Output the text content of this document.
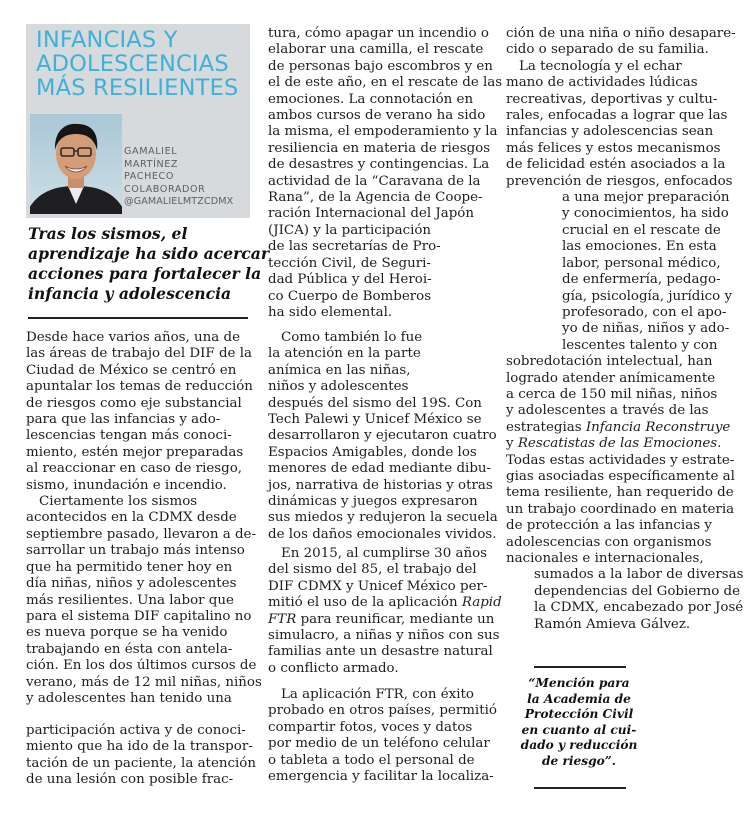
INFANCIAS Y
ADOLESCENCIAS
MÁS RESILIENTES
GAMALIEL
MARTÍNEZ
PACHECO
COLABORADOR
@GAMALIELMTZCDMX
Tras los sismos, el
aprendizaje ha sido acercar
acciones para fortalecer la
infancia y adolescencia
Desde hace varios años, una de
las áreas de trabajo del DIF de la
Ciudad de México se centró en
apuntalar los temas de reducción
de riesgos como eje substancial
para que las infancias y ado-
lescencias tengan más conoci-
miento, estén mejor preparadas
al reaccionar en caso de riesgo,
sismo, inundación e incendio.
Ciertamente los sismos
acontecidos en la CDMX desde
septiembre pasado, llevaron a de-
sarrollar un trabajo más intenso
que ha permitido tener hoy en
día niñas, niños y adolescentes
más resilientes. Una labor que
para el sistema DIF capitalino no
es nueva porque se ha venido
trabajando en ésta con antela-
ción. En los dos últimos cursos de
verano, más de 12 mil niñas, niños
y adolescentes han tenido una
participación activa y de conoci-
miento que ha ido de la transpor-
tación de un paciente, la atención
de una lesión con posible frac-
tura, cómo apagar un incendio o
elaborar una camilla, el rescate
de personas bajo escombros y en
el de este año, en el rescate de las
emociones. La connotación en
ambos cursos de verano ha sido
la misma, el empoderamiento y la
resiliencia en materia de riesgos
de desastres y contingencias. La
actividad de la “Caravana de la
Rana”, de la Agencia de Coope-
ración Internacional del Japón
(JICA) y la participación
de las secretarías de Pro-
tección Civil, de Seguri-
dad Pública y del Heroi-
co Cuerpo de Bomberos
ha sido elemental.
Como también lo fue
la atención en la parte
anímica en las niñas,
niños y adolescentes
después del sismo del 19S. Con
Tech Palewi y Unicef México se
desarrollaron y ejecutaron cuatro
Espacios Amigables, donde los
menores de edad mediante dibu-
jos, narrativa de historias y otras
dinámicas y juegos expresaron
sus miedos y redujeron la secuela
de los daños emocionales vividos.
En 2015, al cumplirse 30 años
del sismo del 85, el trabajo del
DIF CDMX y Unicef México per-
mitió el uso de la aplicación Rapid
FTR para reunificar, mediante un
simulacro, a niñas y niños con sus
familias ante un desastre natural
o conflicto armado.
La aplicación FTR, con éxito
probado en otros países, permitió
compartir fotos, voces y datos
por medio de un teléfono celular
o tableta a todo el personal de
emergencia y facilitar la localiza-
ción de una niña o niño desapare-
cido o separado de su familia.
La tecnología y el echar
mano de actividades lúdicas
recreativas, deportivas y cultu-
rales, enfocadas a lograr que las
infancias y adolescencias sean
más felices y estos mecanismos
de felicidad estén asociados a la
prevención de riesgos, enfocados
a una mejor preparación
y conocimientos, ha sido
crucial en el rescate de
las emociones. En esta
labor, personal médico,
de enfermería, pedago-
gía, psicología, jurídico y
profesorado, con el apo-
yo de niñas, niños y ado-
lescentes talento y con
sobredotación intelectual, han
logrado atender anímicamente
a cerca de 150 mil niñas, niños
y adolescentes a través de las
estrategias Infancia Reconstruye
y Rescatistas de las Emociones.
Todas estas actividades y estrate-
gias asociadas específicamente al
tema resiliente, han requerido de
un trabajo coordinado en materia
de protección a las infancias y
adolescencias con organismos
nacionales e internacionales,
sumados a la labor de diversas
dependencias del Gobierno de
la CDMX, encabezado por José
Ramón Amieva Gálvez.
“Mención para
la Academia de
Protección Civil
en cuanto al cui-
dado y reducción
de riesgo”.
